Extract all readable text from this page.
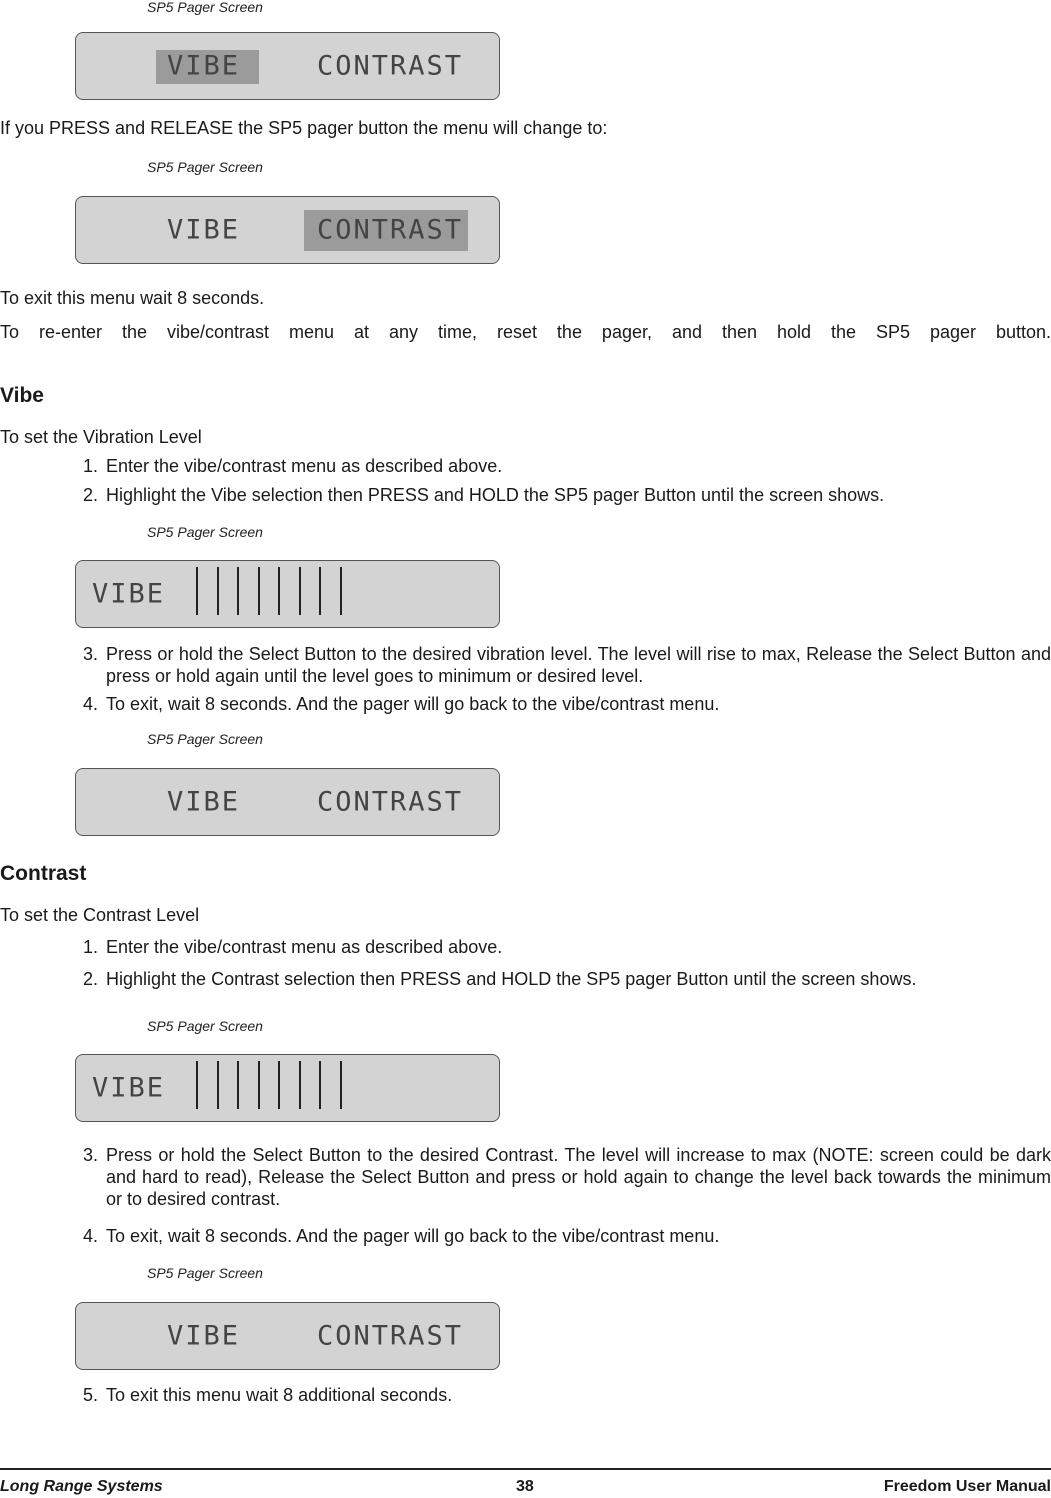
SP5 Pager Screen
VIBE	CONTRAST
If you PRESS and RELEASE the SP5 pager button the menu will change to:
SP5 Pager Screen
VIBE	CONTRAST
To exit this menu wait 8 seconds.
To re-enter the vibe/contrast menu at any time, reset the pager, and then hold the SP5 pager button.
Vibe
To set the Vibration Level
1. Enter the vibe/contrast menu as described above.
2. Highlight the Vibe selection then PRESS and HOLD the SP5 pager Button until the screen shows.
SP5 Pager Screen
VIBE
3. Press or hold the Select Button to the desired vibration level. The level will rise to max, Release the Select Button and press or hold again until the level goes to minimum or desired level.
4. To exit, wait 8 seconds. And the pager will go back to the vibe/contrast menu.
SP5 Pager Screen
VIBE	CONTRAST
Contrast
To set the Contrast Level
1. Enter the vibe/contrast menu as described above.
2. Highlight the Contrast selection then PRESS and HOLD the SP5 pager Button until the screen shows.
SP5 Pager Screen
VIBE
3. Press or hold the Select Button to the desired Contrast. The level will increase to max (NOTE: screen could be dark and hard to read), Release the Select Button and press or hold again to change the level back towards the minimum or to desired contrast.
4. To exit, wait 8 seconds. And the pager will go back to the vibe/contrast menu.
SP5 Pager Screen
VIBE	CONTRAST
5. To exit this menu wait 8 additional seconds.
Long Range Systems	38	Freedom User Manual
